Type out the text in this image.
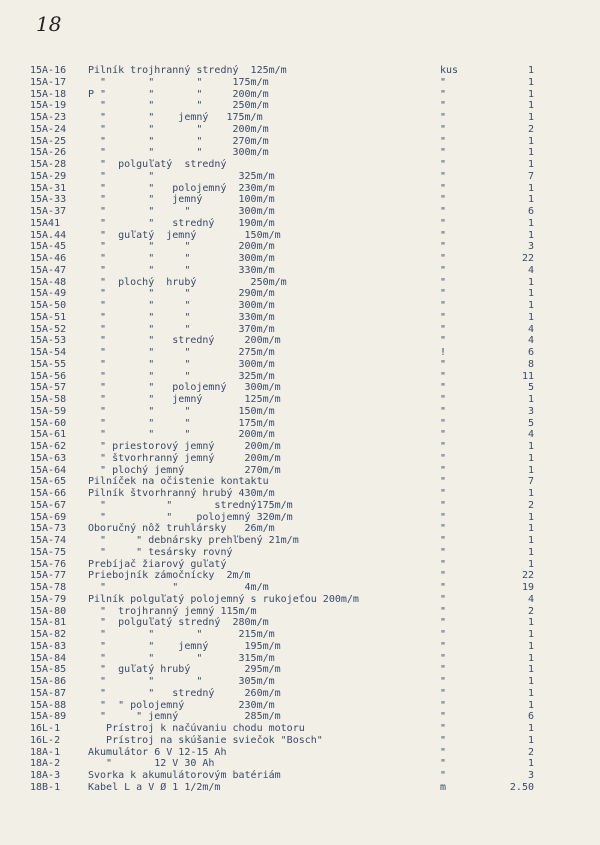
18
15A-16 Pilník trojhranný stredný  125m/m	kus	1
15A-17 "       "       "     175m/m	"	1
15A-18 P "       "       "     200m/m	"	1
15A-19 "       "       "     250m/m	"	1
15A-23 "       "    jemný   175m/m	"	1
15A-24 "       "       "     200m/m	"	2
15A-25 "       "       "     270m/m	"	1
15A-26 "       "       "     300m/m	"	1
15A-28 "  polguľatý  stredný	"	1
15A-29 "       "              325m/m	"	7
15A-31 "       "   polojemný  230m/m	"	1
15A-33 "       "   jemný      100m/m	"	1
15A-37 "       "     "        300m/m	"	6
15A41	"       "   stredný    190m/m	"	1
15A.44 "  guľatý  jemný        150m/m	"	1
15A-45 "       "     "        200m/m	"	3
15A-46 "       "     "        300m/m	"	22
15A-47 "       "     "        330m/m	"	4
15A-48 "  plochý  hrubý         250m/m	"	1
15A-49 "       "     "        290m/m	"	1
15A-50 "       "     "        300m/m	"	1
15A-51 "       "     "        330m/m	"	1
15A-52 "       "     "        370m/m	"	4
15A-53 "       "   stredný     200m/m	"	4
15A-54 "       "     "        275m/m	!	6
15A-55 "       "     "        300m/m	"	8
15A-56 "       "     "        325m/m	"	11
15A-57 "       "   polojemný   300m/m	"	5
15A-58 "       "   jemný       125m/m	"	1
15A-59 "       "     "        150m/m	"	3
15A-60 "       "     "        175m/m	"	5
15A-61 "       "     "        200m/m	"	4
15A-62 " priestorový jemný     200m/m	"	1
15A-63 " štvorhranný jemný     200m/m	"	1
15A-64 " plochý jemný          270m/m	"	1
15A-65 Pilníček na očistenie kontaktu	"	7
15A-66 Pilník štvorhranný hrubý 430m/m	"	1
15A-67 "          "       stredný175m/m	"	2
15A-69 "          "    polojemný 320m/m	"	1
15A-73 Oboručný nôž truhlársky   26m/m	"	1
15A-74 "     " debnársky prehľbený 21m/m	"	1
15A-75 "     " tesársky rovný	"	1
15A-76 Prebíjač žiarový guľatý	"	1
15A-77 Priebojník zámočnícky  2m/m	"	22
15A-78 "           "           4m/m	"	19
15A-79 Pilník polguľatý polojemný s rukojeťou 200m/m	"	4
15A-80 "  trojhranný jemný 115m/m	"	2
15A-81 "  polguľatý stredný  280m/m	"	1
15A-82 "       "       "      215m/m	"	1
15A-83 "       "    jemný      195m/m	"	1
15A-84 "       "       "      315m/m	"	1
15A-85 "  guľatý hrubý         295m/m	"	1
15A-86 "       "       "      305m/m	"	1
15A-87 "       "   stredný     260m/m	"	1
15A-88 "  " polojemný         230m/m	"	1
15A-89 "     " jemný           285m/m	"	6
16L-1	Prístroj k načúvaniu chodu motoru	"	1
16L-2	Prístroj na skúšanie sviečok "Bosch"	"	1
18A-1	Akumulátor 6 V 12-15 Ah	"	2
18A-2	"       12 V 30 Ah	"	1
18A-3	Svorka k akumulátorovým batériám	"	3
18B-1	Kabel L a V Ø 1 1/2m/m	m	2.50
